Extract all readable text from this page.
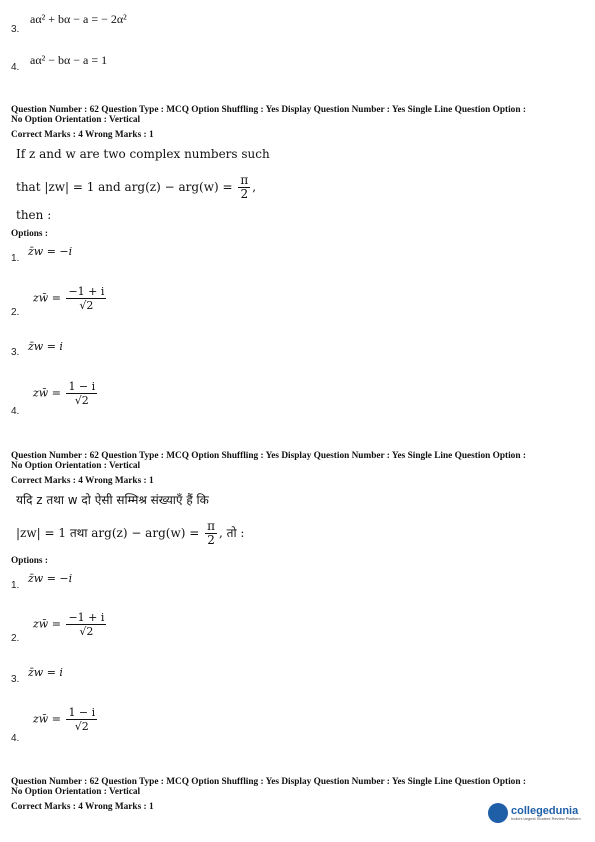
3.
aα² + bα − a = − 2α²
4.
aα² − bα − a = 1
Question Number : 62 Question Type : MCQ Option Shuffling : Yes Display Question Number : Yes Single Line Question Option :
No Option Orientation : Vertical
Correct Marks : 4 Wrong Marks : 1
If z and w are two complex numbers such
that |zw| = 1 and $arg(z) - arg(w) = \frac{\pi}{2}$ ,
then :
Options :
1.
z̄w = −i
zw̄ = $\frac{-1 + i}{√2}$
2.
3. z̄w = i
zw̄ = $\frac{1 - i}{√2}$
4.
Question Number : 62 Question Type : MCQ Option Shuffling : Yes Display Question Number : Yes Single Line Question Option :
No Option Orientation : Vertical
Correct Marks : 4 Wrong Marks : 1
यदि z तथा w दो ऐसी सम्मिश्र संख्याएँ हैं कि
|zw| = 1 तथा $arg(z) - arg(w) = \frac{\pi}{2}$ , तो :
Options :
1.
z̄w = −i
zw̄ = $\frac{-1 + i}{√2}$
2.
3.
z̄w = i
zw̄ = $\frac{1 - i}{√2}$
4.
Question Number : 62 Question Type : MCQ Option Shuffling : Yes Display Question Number : Yes Single Line Question Option :
No Option Orientation : Vertical
Correct Marks : 4 Wrong Marks : 1	collegedunia
India's largest Student Review Platform
